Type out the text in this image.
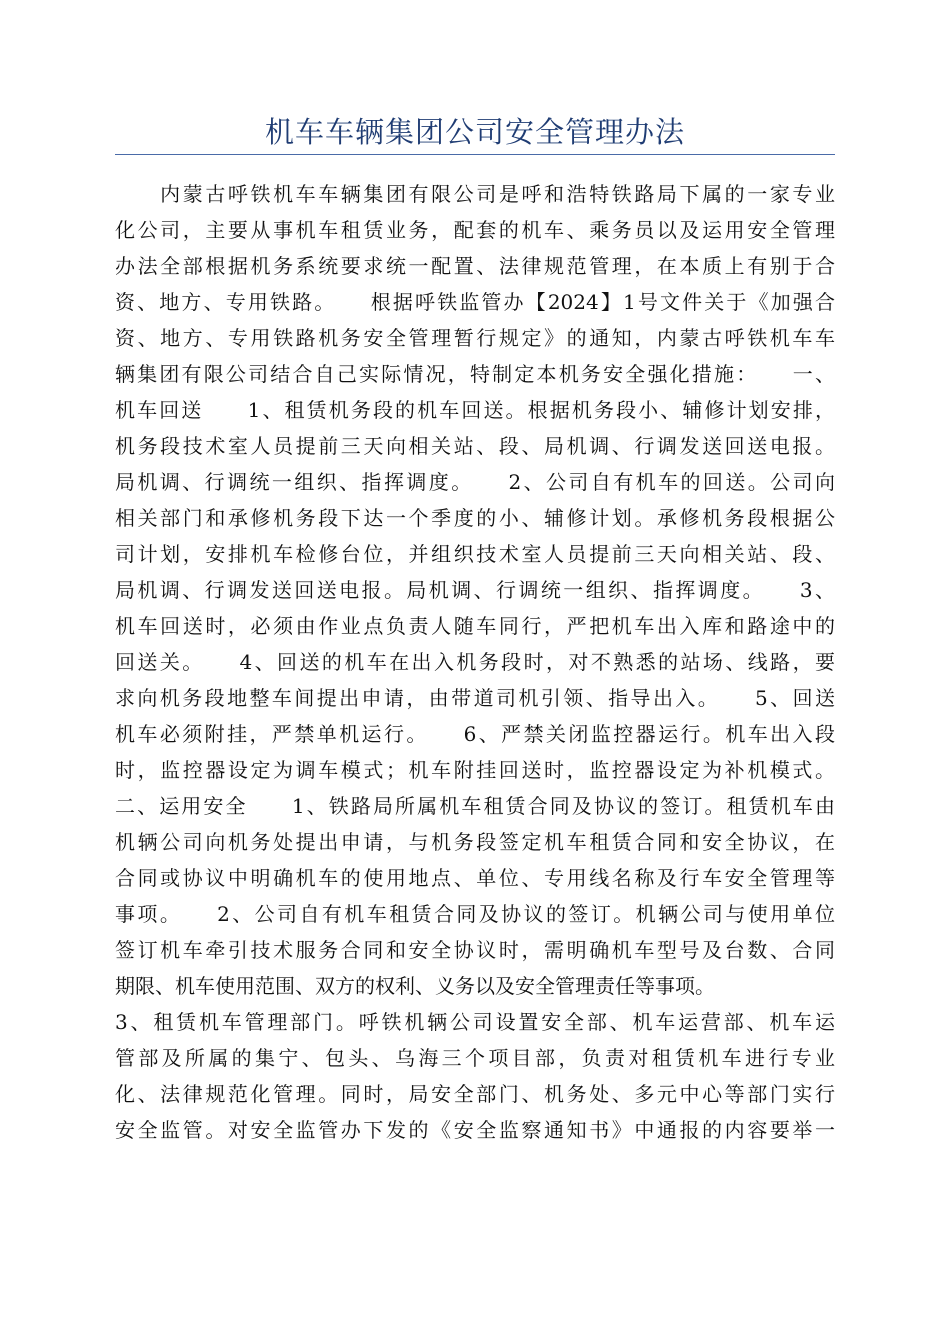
机车车辆集团公司安全管理办法
　　内蒙古呼铁机车车辆集团有限公司是呼和浩特铁路局下属的一家专业
化公司，主要从事机车租赁业务，配套的机车、乘务员以及运用安全管理
办法全部根据机务系统要求统一配置、法律规范管理，在本质上有别于合
资、地方、专用铁路。　　根据呼铁监管办【2024】1号文件关于《加强合
资、地方、专用铁路机务安全管理暂行规定》的通知，内蒙古呼铁机车车
辆集团有限公司结合自己实际情况，特制定本机务安全强化措施：　　一、
机车回送　　1、租赁机务段的机车回送。根据机务段小、辅修计划安排，
机务段技术室人员提前三天向相关站、段、局机调、行调发送回送电报。
局机调、行调统一组织、指挥调度。　　2、公司自有机车的回送。公司向
相关部门和承修机务段下达一个季度的小、辅修计划。承修机务段根据公
司计划，安排机车检修台位，并组织技术室人员提前三天向相关站、段、
局机调、行调发送回送电报。局机调、行调统一组织、指挥调度。　　3、
机车回送时，必须由作业点负责人随车同行，严把机车出入库和路途中的
回送关。　　4、回送的机车在出入机务段时，对不熟悉的站场、线路，要
求向机务段地整车间提出申请，由带道司机引领、指导出入。　　5、回送
机车必须附挂，严禁单机运行。　　6、严禁关闭监控器运行。机车出入段
时，监控器设定为调车模式；机车附挂回送时，监控器设定为补机模式。
二、运用安全　　1、铁路局所属机车租赁合同及协议的签订。租赁机车由
机辆公司向机务处提出申请，与机务段签定机车租赁合同和安全协议，在
合同或协议中明确机车的使用地点、单位、专用线名称及行车安全管理等
事项。　　2、公司自有机车租赁合同及协议的签订。机辆公司与使用单位
签订机车牵引技术服务合同和安全协议时，需明确机车型号及台数、合同
期限、机车使用范围、双方的权利、义务以及安全管理责任等事项。
3、租赁机车管理部门。呼铁机辆公司设置安全部、机车运营部、机车运
管部及所属的集宁、包头、乌海三个项目部，负责对租赁机车进行专业
化、法律规范化管理。同时，局安全部门、机务处、多元中心等部门实行
安全监管。对安全监管办下发的《安全监察通知书》中通报的内容要举一
